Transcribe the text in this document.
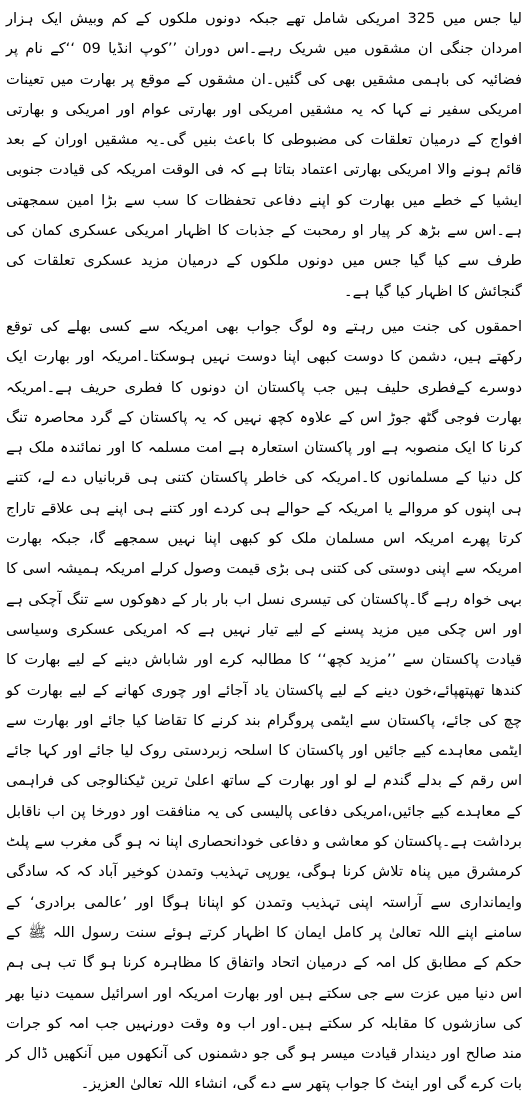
لیا جس میں 325 امریکی شامل تھے جبکہ دونوں ملکوں کے کم وبیش ایک ہزار امردان جنگی ان مشقوں میں شریک رہے۔اس دوران ’’کوپ انڈیا 09 ‘‘کے نام پر فضائیہ کی باہمی مشقیں بھی کی گئیں۔ان مشقوں کے موقع پر بھارت میں تعینات امریکی سفیر نے کہا کہ یہ مشقیں امریکی اور بھارتی عوام اور امریکی و بھارتی افواج کے درمیان تعلقات کی مضبوطی کا باعث بنیں گی۔یہ مشقیں اوران کے بعد قائم ہونے والا امریکی بھارتی اعتماد بتاتا ہے کہ فی الوقت امریکہ کی قیادت جنوبی ایشیا کے خطے میں بھارت کو اپنے دفاعی تحفظات کا سب سے بڑا امین سمجھتی ہے۔اس سے بڑھ کر پیار او رمحبت کے جذبات کا اظہار امریکی عسکری کمان کی طرف سے کیا گیا جس میں دونوں ملکوں کے درمیان مزید عسکری تعلقات کی گنجائش کا اظہار کیا گیا ہے۔

احمقوں کی جنت میں رہتے وہ لوگ جواب بھی امریکہ سے کسی بھلے کی توقع رکھتے ہیں، دشمن کا دوست کبھی اپنا دوست نہیں ہوسکتا۔امریکہ اور بھارت ایک دوسرے کےفطری حلیف ہیں جب پاکستان ان دونوں کا فطری حریف ہے۔امریکہ بھارت فوجی گٹھ جوڑ اس کے علاوہ کچھ نہیں کہ یہ پاکستان کے گرد محاصرہ تنگ کرنا کا ایک منصوبہ ہے اور پاکستان استعارہ ہے امت مسلمہ کا اور نمائندہ ملک ہے کل دنیا کے مسلمانوں کا۔امریکہ کی خاطر پاکستان کتنی ہی قربانیاں دے لے، کتنے ہی اپنوں کو مروالے یا امریکہ کے حوالے ہی کردے اور کتنے ہی اپنے ہی علاقے تاراج کرتا پھرے امریکہ اس مسلمان ملک کو کبھی اپنا نہیں سمجھے گا، جبکہ بھارت امریکہ سے اپنی دوستی کی کتنی ہی بڑی قیمت وصول کرلے امریکہ ہمیشہ اسی کا بہی خواہ رہے گا۔پاکستان کی تیسری نسل اب بار بار کے دھوکوں سے تنگ آچکی ہے اور اس چکی میں مزید پسنے کے لیے تیار نہیں ہے کہ امریکی عسکری وسیاسی قیادت پاکستان سے ’’مزید کچھ‘‘ کا مطالبہ کرے اور شاباش دینے کے لیے بھارت کا کندھا تھپتھپائے،خون دینے کے لیے پاکستان یاد آجائے اور چوری کھانے کے لیے بھارت کو چچ کی جائے، پاکستان سے ایٹمی پروگرام بند کرنے کا تقاضا کیا جائے اور بھارت سے ایٹمی معاہدے کیے جائیں اور پاکستان کا اسلحہ زبردستی روک لیا جائے اور کہا جائے اس رقم کے بدلے گندم لے لو اور بھارت کے ساتھ اعلیٰ ترین ٹیکنالوجی کی فراہمی کے معاہدے کیے جائیں،امریکی دفاعی پالیسی کی یہ منافقت اور دورخا پن اب ناقابل برداشت ہے۔پاکستان کو معاشی و دفاعی خودانحصاری اپنا نہ ہو گی مغرب سے پلٹ کرمشرق میں پناہ تلاش کرنا ہوگی، یورپی تہذیب وتمدن کوخیر آباد کہ کہ سادگی وایمانداری سے آراستہ اپنی تہذیب وتمدن کو اپنانا ہوگا اور ’عالمی برادری‘ کے سامنے اپنے اللہ تعالیٰ پر کامل ایمان کا اظہار کرتے ہوئے سنت رسول اللہ ﷺ کے حکم کے مطابق کل امہ کے درمیان اتحاد واتفاق کا مظاہرہ کرنا ہو گا تب ہی ہم اس دنیا میں عزت سے جی سکتے ہیں اور بھارت امریکہ اور اسرائیل سمیت دنیا بھر کی سازشوں کا مقابلہ کر سکتے ہیں۔اور اب وہ وقت دورنہیں جب امہ کو جرات مند صالح اور دیندار قیادت میسر ہو گی جو دشمنوں کی آنکھوں میں آنکھیں ڈال کر بات کرے گی اور اینٹ کا جواب پتھر سے دے گی، انشاء اللہ تعالیٰ العزیز۔
